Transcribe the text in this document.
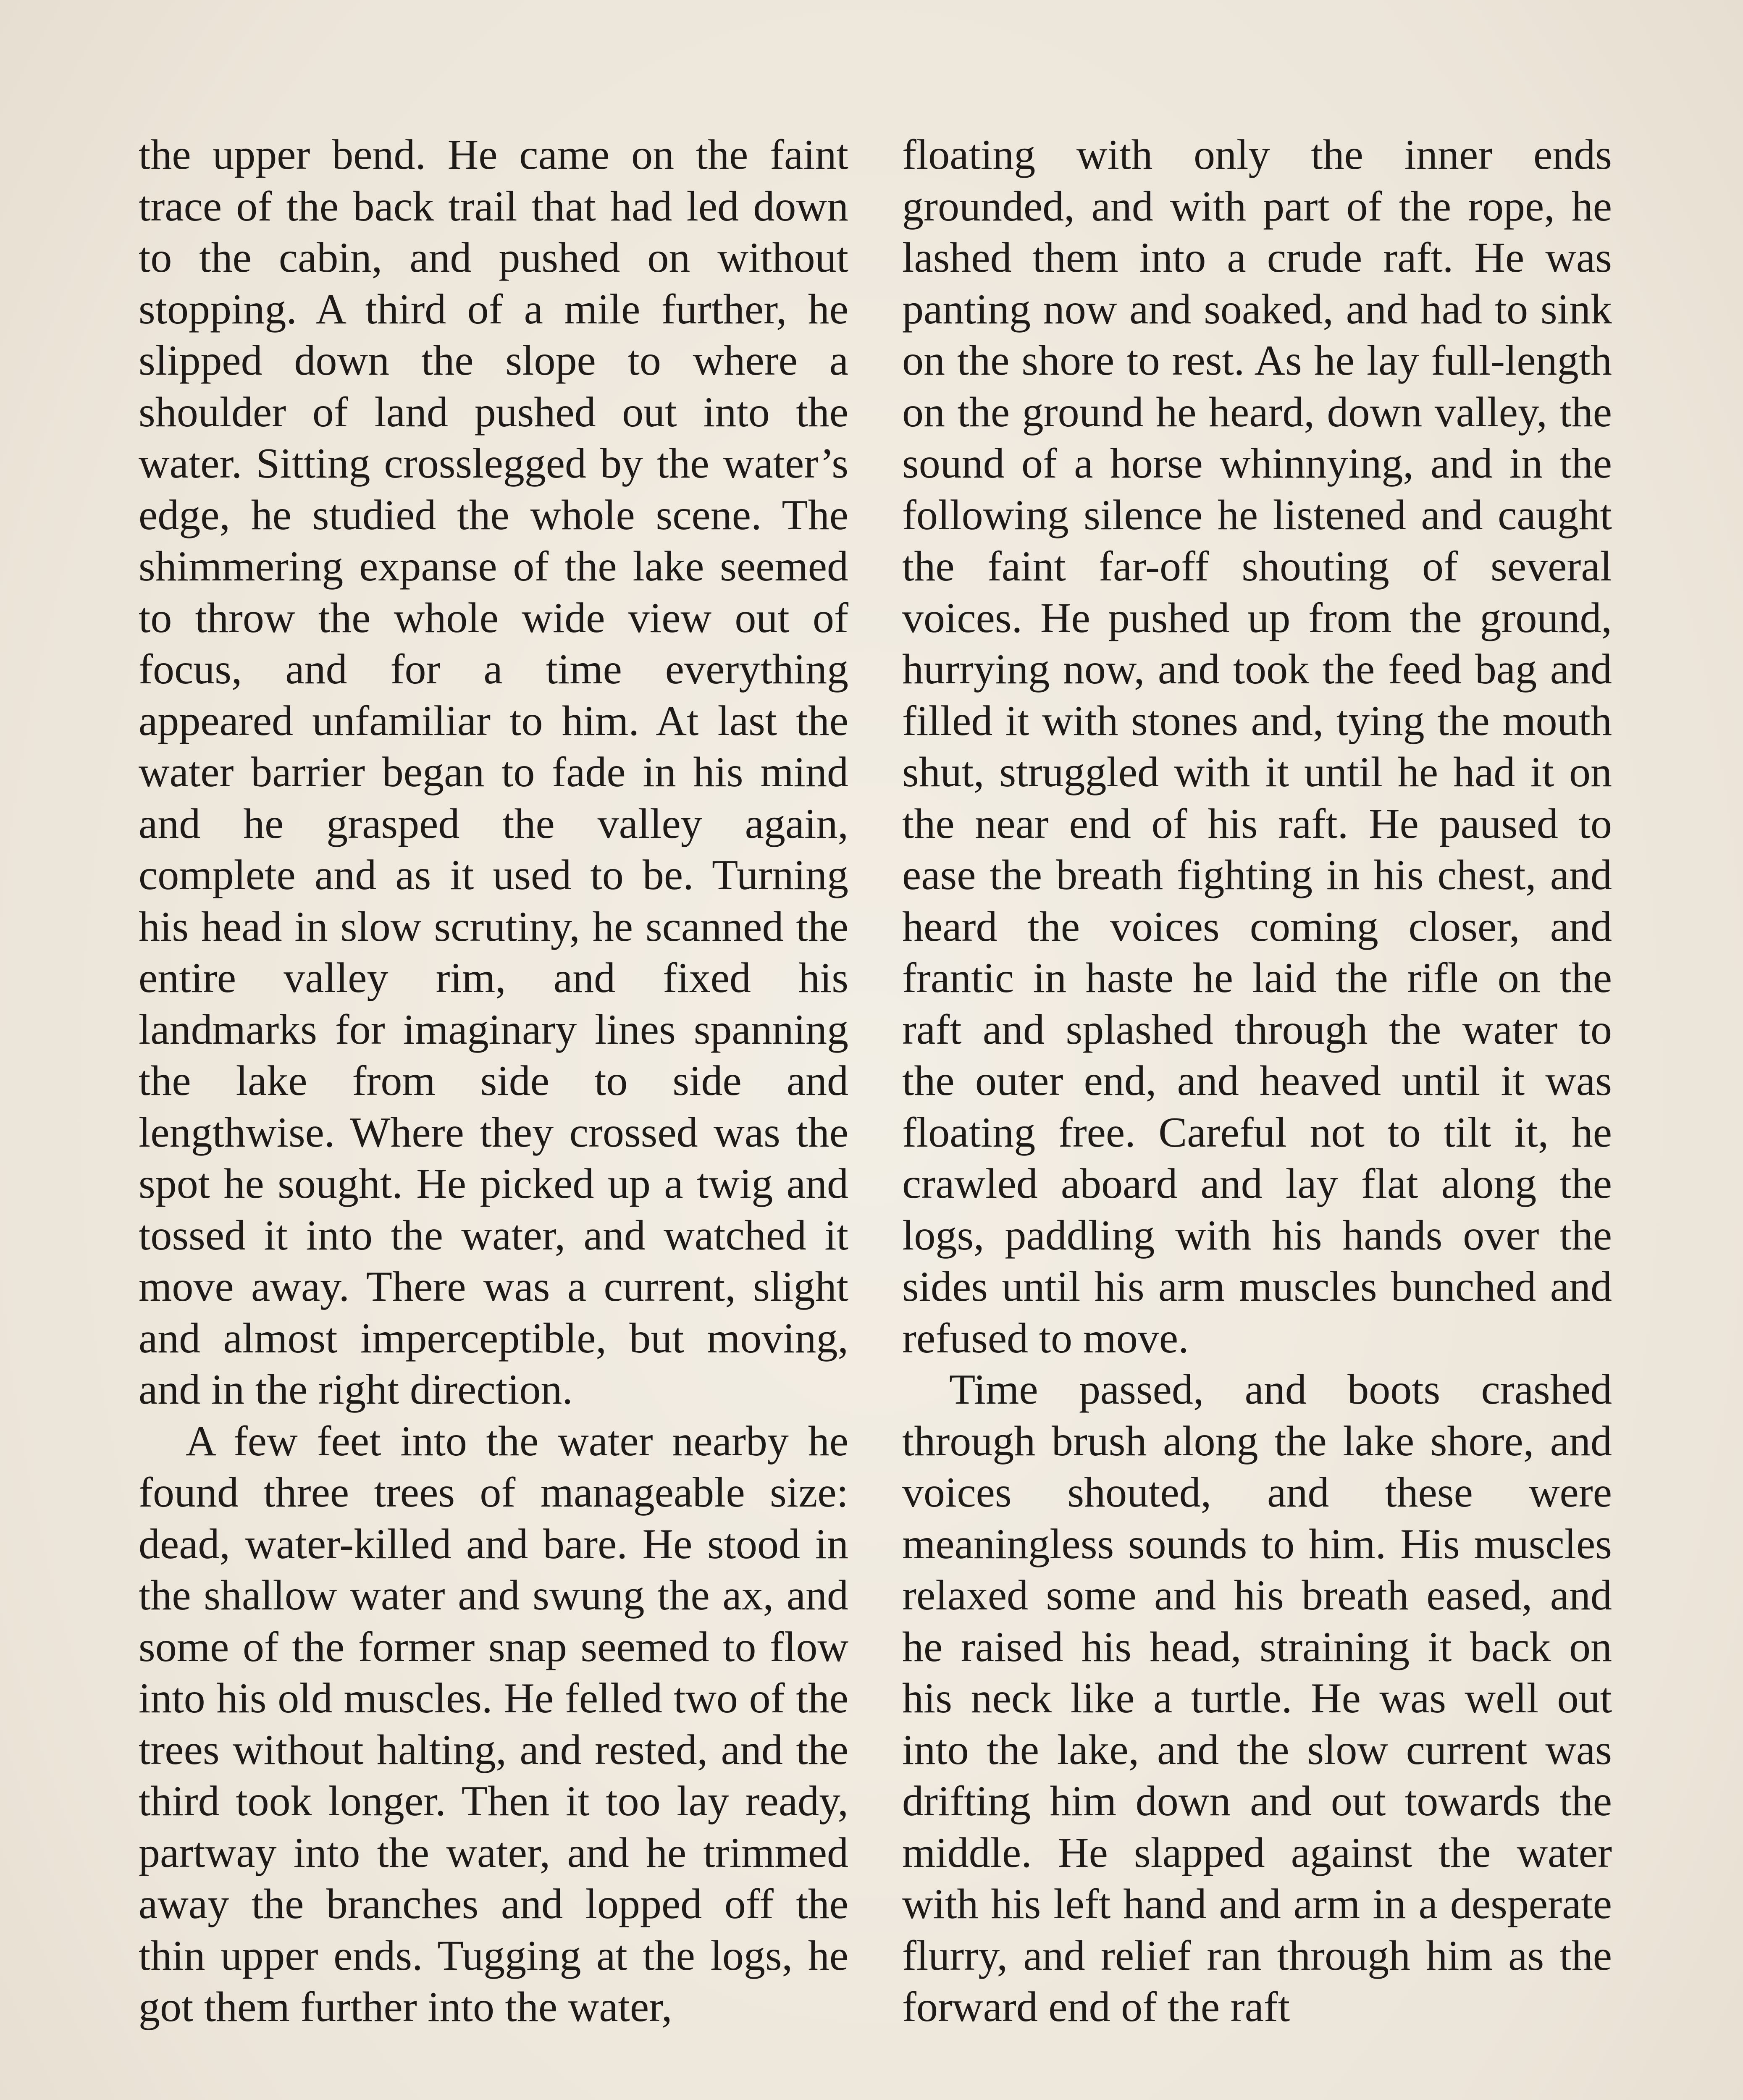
the upper bend. He came on the faint trace of the back trail that had led down to the cabin, and pushed on without stopping. A third of a mile further, he slipped down the slope to where a shoulder of land pushed out into the water. Sitting crosslegged by the water’s edge, he studied the whole scene. The shimmering expanse of the lake seemed to throw the whole wide view out of focus, and for a time everything appeared unfamiliar to him. At last the water barrier began to fade in his mind and he grasped the valley again, complete and as it used to be. Turning his head in slow scrutiny, he scanned the entire valley rim, and fixed his landmarks for imaginary lines spanning the lake from side to side and lengthwise. Where they crossed was the spot he sought. He picked up a twig and tossed it into the water, and watched it move away. There was a current, slight and almost imperceptible, but moving, and in the right direction.

A few feet into the water nearby he found three trees of manageable size: dead, water-killed and bare. He stood in the shallow water and swung the ax, and some of the former snap seemed to flow into his old muscles. He felled two of the trees without halting, and rested, and the third took longer. Then it too lay ready, partway into the water, and he trimmed away the branches and lopped off the thin upper ends. Tugging at the logs, he got them further into the water,

floating with only the inner ends grounded, and with part of the rope, he lashed them into a crude raft. He was panting now and soaked, and had to sink on the shore to rest. As he lay full-length on the ground he heard, down valley, the sound of a horse whinnying, and in the following silence he listened and caught the faint far-off shouting of several voices. He pushed up from the ground, hurrying now, and took the feed bag and filled it with stones and, tying the mouth shut, struggled with it until he had it on the near end of his raft. He paused to ease the breath fighting in his chest, and heard the voices coming closer, and frantic in haste he laid the rifle on the raft and splashed through the water to the outer end, and heaved until it was floating free. Careful not to tilt it, he crawled aboard and lay flat along the logs, paddling with his hands over the sides until his arm muscles bunched and refused to move.

Time passed, and boots crashed through brush along the lake shore, and voices shouted, and these were meaningless sounds to him. His muscles relaxed some and his breath eased, and he raised his head, straining it back on his neck like a turtle. He was well out into the lake, and the slow current was drifting him down and out towards the middle. He slapped against the water with his left hand and arm in a desperate flurry, and relief ran through him as the forward end of the raft
